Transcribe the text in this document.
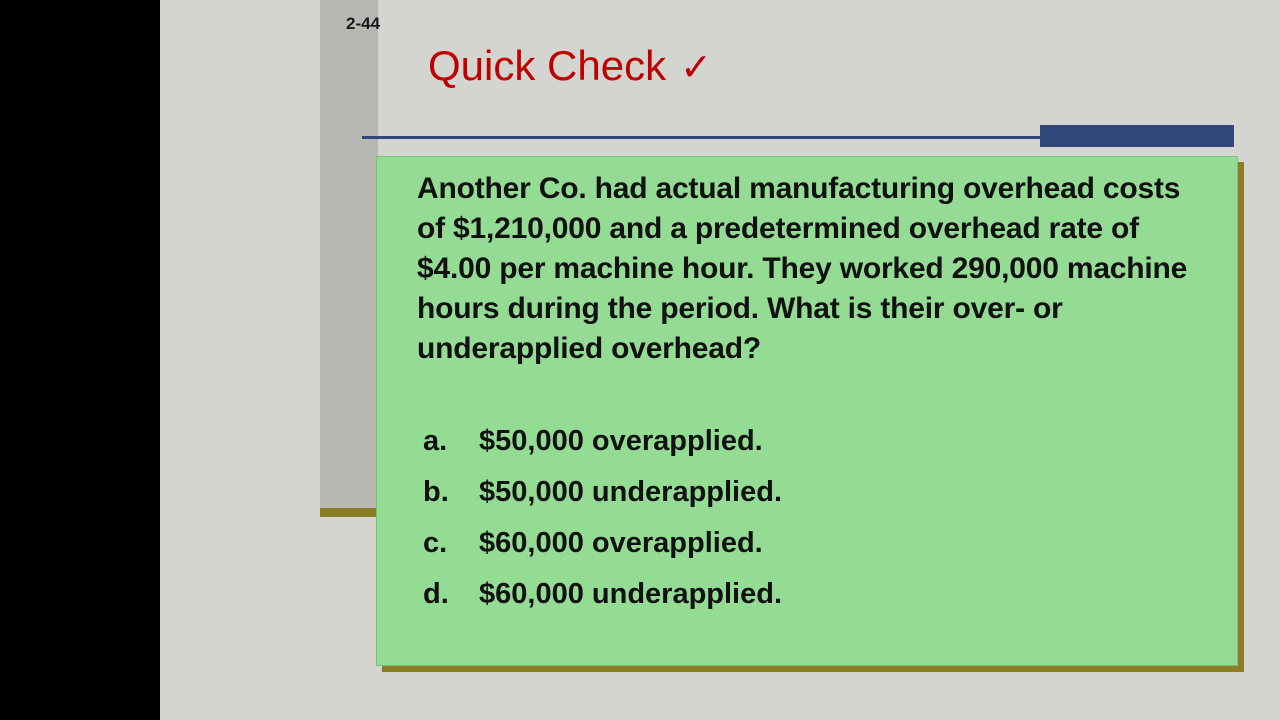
2-44
Quick Check ✓
Another Co. had actual manufacturing overhead costs of $1,210,000 and a predetermined overhead rate of $4.00 per machine hour. They worked 290,000 machine hours during the period. What is their over- or underapplied overhead?
a.	$50,000 overapplied.
b.	$50,000 underapplied.
c.	$60,000 overapplied.
d.	$60,000 underapplied.
